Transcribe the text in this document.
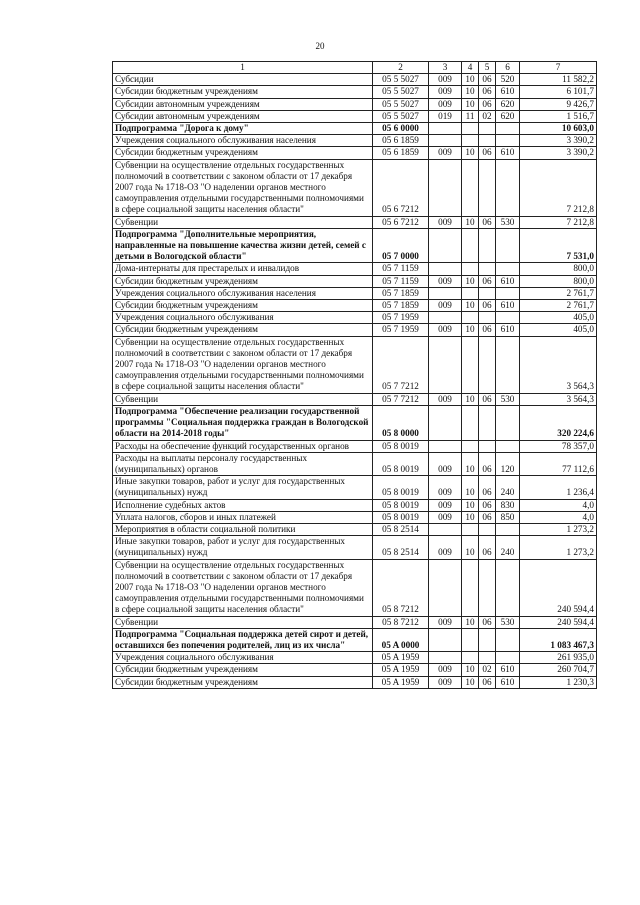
20
1	2	3	4	5	6	7
Субсидии	05 5 5027	009	10	06	520	11 582,2
Субсидии бюджетным учреждениям	05 5 5027	009	10	06	610	6 101,7
Субсидии автономным учреждениям	05 5 5027	009	10	06	620	9 426,7
Субсидии автономным учреждениям	05 5 5027	019	11	02	620	1 516,7
Подпрограмма "Дорога к дому"	05 6 0000					10 603,0
Учреждения социального обслуживания населения	05 6 1859					3 390,2
Субсидии бюджетным учреждениям	05 6 1859	009	10	06	610	3 390,2
Субвенции на осуществление отдельных государственных полномочий в соответствии с законом области от 17 декабря 2007 года № 1718-ОЗ "О наделении органов местного самоуправления отдельными государственными полномочиями в сфере социальной защиты населения области"	05 6 7212					7 212,8
Субвенции	05 6 7212	009	10	06	530	7 212,8
Подпрограмма "Дополнительные мероприятия, направленные на повышение качества жизни детей, семей с детьми в Вологодской области"	05 7 0000					7 531,0
Дома-интернаты для престарелых и инвалидов	05 7 1159					800,0
Субсидии бюджетным учреждениям	05 7 1159	009	10	06	610	800,0
Учреждения социального обслуживания населения	05 7 1859					2 761,7
Субсидии бюджетным учреждениям	05 7 1859	009	10	06	610	2 761,7
Учреждения социального обслуживания	05 7 1959					405,0
Субсидии бюджетным учреждениям	05 7 1959	009	10	06	610	405,0
Субвенции на осуществление отдельных государственных полномочий в соответствии с законом области от 17 декабря 2007 года № 1718-ОЗ "О наделении органов местного самоуправления отдельными государственными полномочиями в сфере социальной защиты населения области"	05 7 7212					3 564,3
Субвенции	05 7 7212	009	10	06	530	3 564,3
Подпрограмма "Обеспечение реализации государственной программы "Социальная поддержка граждан в Вологодской области на 2014-2018 годы"	05 8 0000					320 224,6
Расходы на обеспечение функций государственных органов	05 8 0019					78 357,0
Расходы на выплаты персоналу государственных (муниципальных) органов	05 8 0019	009	10	06	120	77 112,6
Иные закупки товаров, работ и услуг для государственных (муниципальных) нужд	05 8 0019	009	10	06	240	1 236,4
Исполнение судебных актов	05 8 0019	009	10	06	830	4,0
Уплата налогов, сборов и иных платежей	05 8 0019	009	10	06	850	4,0
Мероприятия в области социальной политики	05 8 2514					1 273,2
Иные закупки товаров, работ и услуг для государственных (муниципальных) нужд	05 8 2514	009	10	06	240	1 273,2
Субвенции на осуществление отдельных государственных полномочий в соответствии с законом области от 17 декабря 2007 года № 1718-ОЗ "О наделении органов местного самоуправления отдельными государственными полномочиями в сфере социальной защиты населения области"	05 8 7212					240 594,4
Субвенции	05 8 7212	009	10	06	530	240 594,4
Подпрограмма "Социальная поддержка детей сирот и детей, оставшихся без попечения родителей, лиц из их числа"	05 A 0000					1 083 467,3
Учреждения социального обслуживания	05 A 1959					261 935,0
Субсидии бюджетным учреждениям	05 A 1959	009	10	02	610	260 704,7
Субсидии бюджетным учреждениям	05 A 1959	009	10	06	610	1 230,3
